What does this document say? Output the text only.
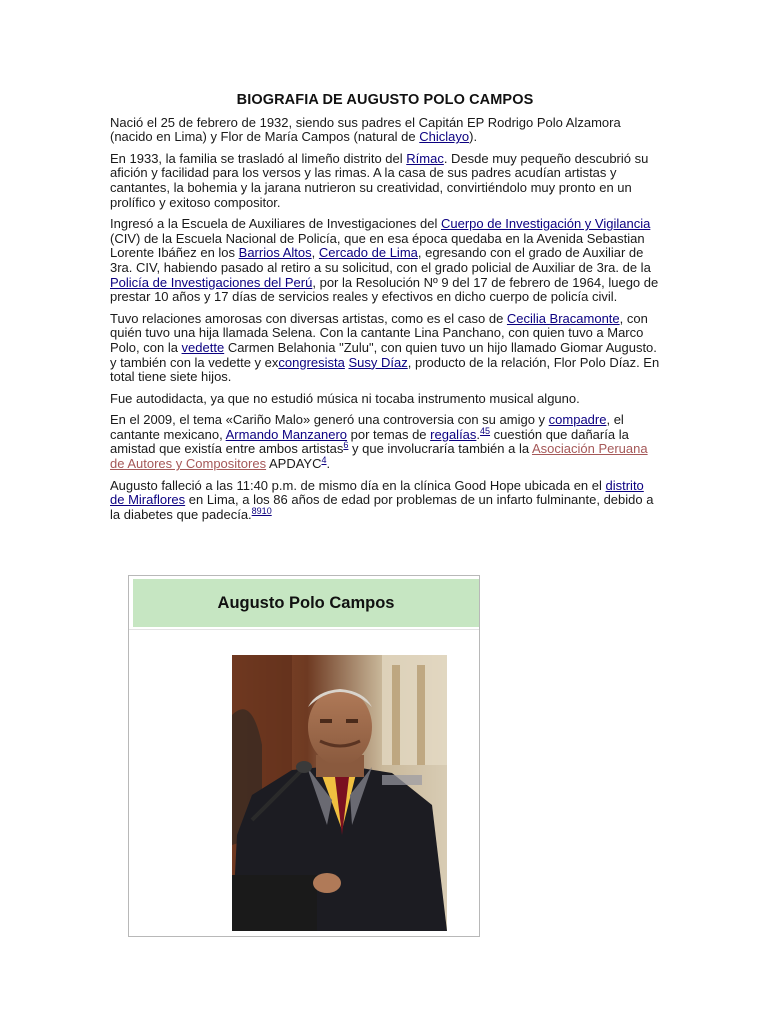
BIOGRAFIA DE AUGUSTO POLO CAMPOS

Nació el 25 de febrero de 1932, siendo sus padres el Capitán EP Rodrigo Polo Alzamora (nacido en Lima) y Flor de María Campos (natural de Chiclayo).

En 1933, la familia se trasladó al limeño distrito del Rímac. Desde muy pequeño descubrió su afición y facilidad para los versos y las rimas. A la casa de sus padres acudían artistas y cantantes, la bohemia y la jarana nutrieron su creatividad, convirtiéndolo muy pronto en un prolífico y exitoso compositor.

Ingresó a la Escuela de Auxiliares de Investigaciones del Cuerpo de Investigación y Vigilancia (CIV) de la Escuela Nacional de Policía, que en esa época quedaba en la Avenida Sebastian Lorente Ibáñez en los Barrios Altos, Cercado de Lima, egresando con el grado de Auxiliar de 3ra. CIV, habiendo pasado al retiro a su solicitud, con el grado policial de Auxiliar de 3ra. de la Policía de Investigaciones del Perú, por la Resolución Nº 9 del 17 de febrero de 1964, luego de prestar 10 años y 17 días de servicios reales y efectivos en dicho cuerpo de policía civil.

Tuvo relaciones amorosas con diversas artistas, como es el caso de Cecilia Bracamonte, con quién tuvo una hija llamada Selena. Con la cantante Lina Panchano, con quien tuvo a Marco Polo, con la vedette Carmen Belahonia "Zulu", con quien tuvo un hijo llamado Giomar Augusto. y también con la vedette y excongresista Susy Díaz, producto de la relación, Flor Polo Díaz. En total tiene siete hijos.

Fue autodidacta, ya que no estudió música ni tocaba instrumento musical alguno.

En el 2009, el tema «Cariño Malo» generó una controversia con su amigo y compadre, el cantante mexicano, Armando Manzanero por temas de regalías.$^{45}$ cuestión que dañaría la amistad que existía entre ambos artistas$^6$ y que involucraría también a la Asociación Peruana de Autores y Compositores APDAYC$^4$.

Augusto falleció a las 11:40 p.m. de mismo día en la clínica Good Hope ubicada en el distrito de Miraflores en Lima, a los 86 años de edad por problemas de un infarto fulminante, debido a la diabetes que padecía.$^{8910}$

Augusto Polo Campos
